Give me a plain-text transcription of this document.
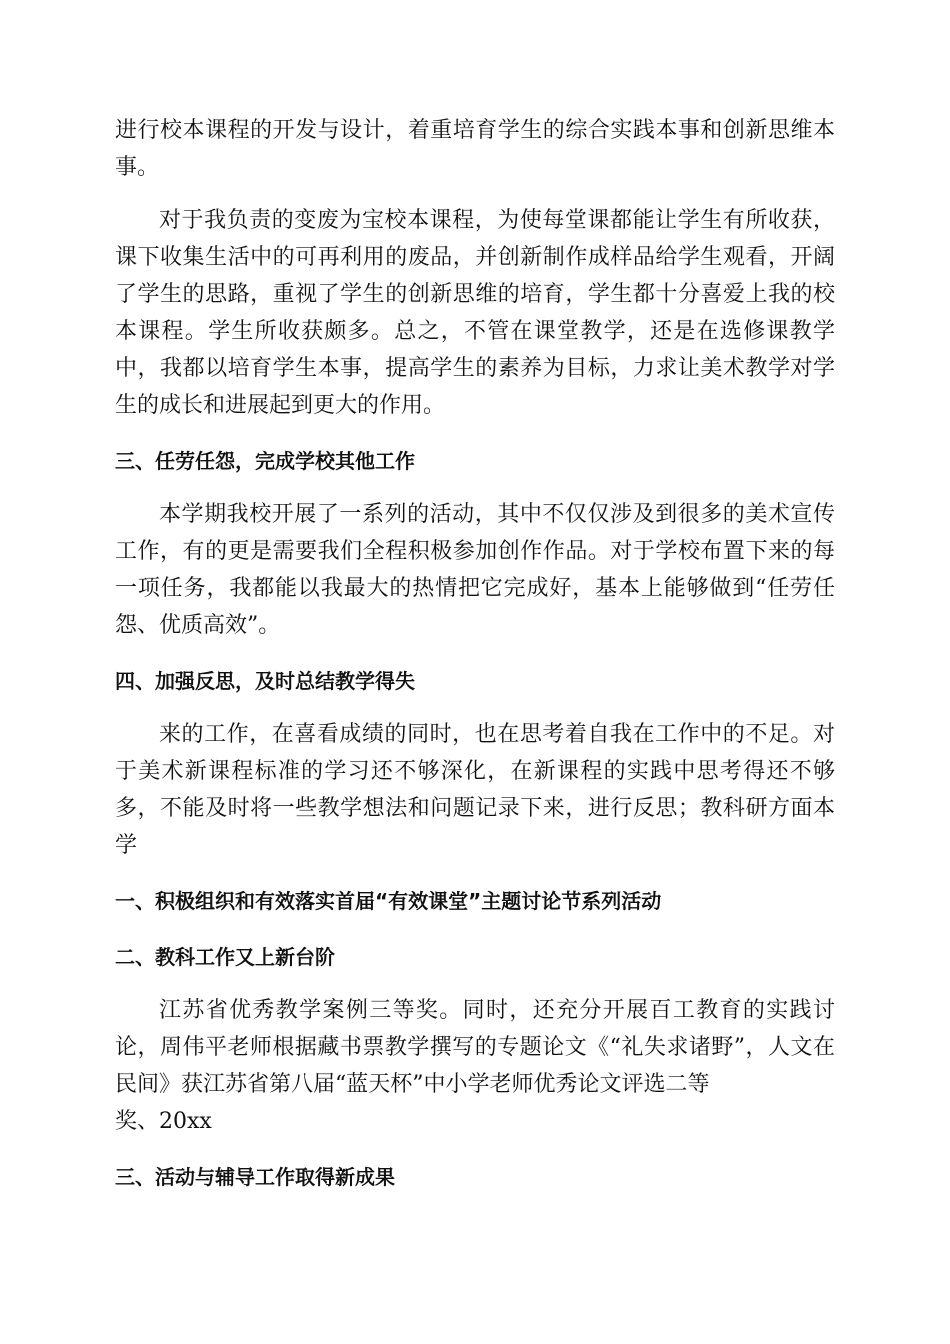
进行校本课程的开发与设计，着重培育学生的综合实践本事和创新思维本事。

对于我负责的变废为宝校本课程，为使每堂课都能让学生有所收获，课下收集生活中的可再利用的废品，并创新制作成样品给学生观看，开阔了学生的思路，重视了学生的创新思维的培育，学生都十分喜爱上我的校本课程。学生所收获颇多。总之，不管在课堂教学，还是在选修课教学中，我都以培育学生本事，提高学生的素养为目标，力求让美术教学对学生的成长和进展起到更大的作用。

三、任劳任怨，完成学校其他工作

本学期我校开展了一系列的活动，其中不仅仅涉及到很多的美术宣传工作，有的更是需要我们全程积极参加创作作品。对于学校布置下来的每一项任务，我都能以我最大的热情把它完成好，基本上能够做到“任劳任怨、优质高效”。

四、加强反思，及时总结教学得失

来的工作，在喜看成绩的同时，也在思考着自我在工作中的不足。对于美术新课程标准的学习还不够深化，在新课程的实践中思考得还不够多，不能及时将一些教学想法和问题记录下来，进行反思；教科研方面本学

一、积极组织和有效落实首届“有效课堂”主题讨论节系列活动

二、教科工作又上新台阶

江苏省优秀教学案例三等奖。同时，还充分开展百工教育的实践讨论，周伟平老师根据藏书票教学撰写的专题论文《“礼失求诸野”，人文在民间》获江苏省第八届“蓝天杯”中小学老师优秀论文评选二等

奖、20xx

三、活动与辅导工作取得新成果
